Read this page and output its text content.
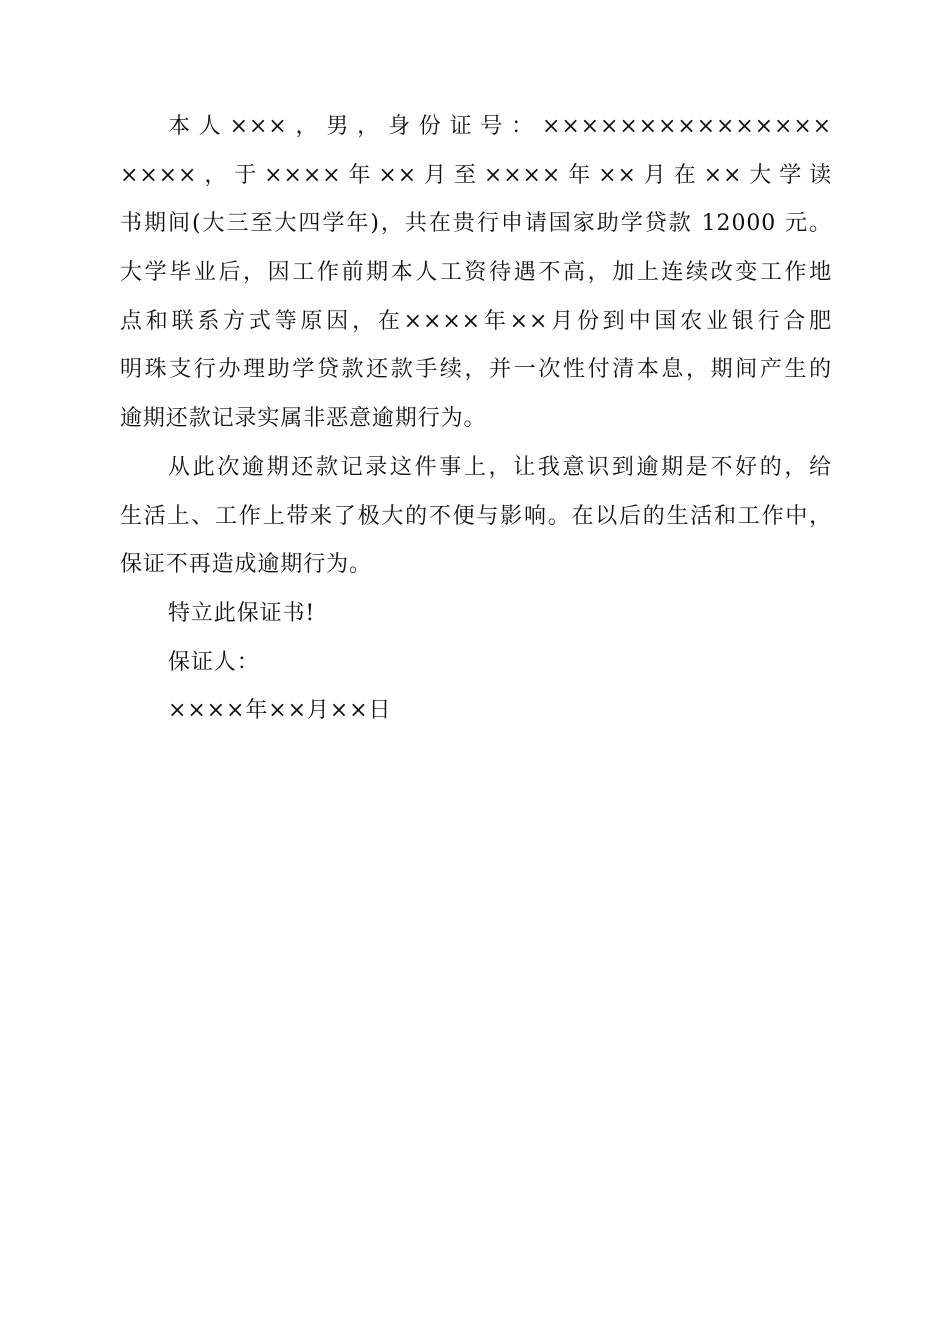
本人×××，男，身份证号：×××××××××××××××
××××，于××××年××月至××××年××月在××大学读
书期间(大三至大四学年)，共在贵行申请国家助学贷款 12000 元。
大学毕业后，因工作前期本人工资待遇不高，加上连续改变工作地
点和联系方式等原因，在××××年××月份到中国农业银行合肥
明珠支行办理助学贷款还款手续，并一次性付清本息，期间产生的
逾期还款记录实属非恶意逾期行为。
从此次逾期还款记录这件事上，让我意识到逾期是不好的，给
生活上、工作上带来了极大的不便与影响。在以后的生活和工作中，
保证不再造成逾期行为。
特立此保证书!
保证人：
××××年××月××日
